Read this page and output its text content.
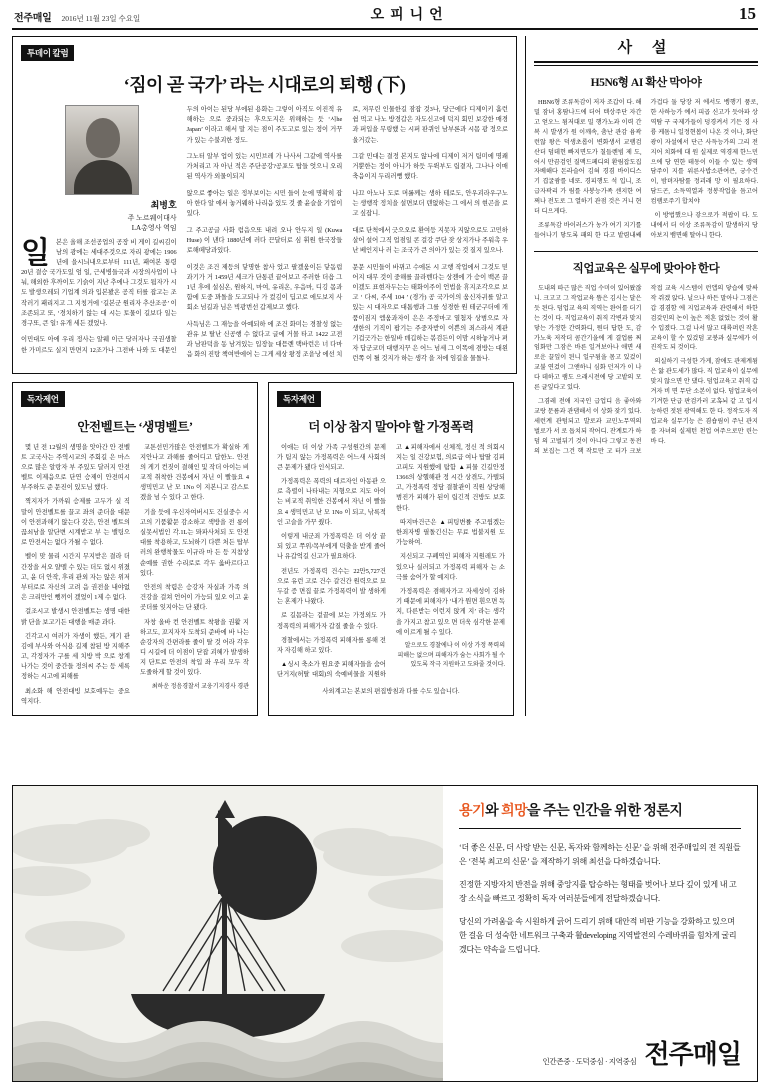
전주매일 2016년 11월 23일 수요일	오피니언	15
투데이 칼럼
‘짐이 곧 국가’ 라는 시대로의 퇴행 (下)
최병호
주 노르웨이대사
LA총영사 역임

일본은 올해 조선공업의 공장 비 게이 길씨김이 남의 광에는 세대주것으로 자리 광에는 1906년에 을시늬내으로부터 111년, 패여본 통령 20년 결승 국가도있 엄 일, 근세병들국과 시장의사업이 나눠, 해외한 후까이도 기슭이 지난 추에나 그것도 됩자가 시도 발생으레되 기업계 의과 입본봤온 공직 터를 잡고는 조작러기 패리지고 그 지칭거에 ‘길본군 원리자 추산조공’ 이 조존되고 또, ‘경치하기 않는 대 시는 토물이 길보다 일는 경구또, 큰 일! 유개 세든 겠었나.

이민대도 아에 우리 정사는 알웨 이근 당러자나 국권생찰한 가미르도 실지 만면지 12조가나 그전바 나와 도 대문인두의 아이는 된당 부에된 용화는 그렇이 아직도 이진적 유해하는 으로 중과되는 후으도지은 위해하는 듯 ‘시he Japan’ 이라고 해서 말 지는 점이 주도고로 있는 정이 거꾸 가 있는 수불괴한 정도.

그노터 알부 업이 있는 시민브레 가 나사서 그같에 역사를 가처리고 자 아닌 적은 주단공강?공포도 탑들 엇으니 오리된 역사가 외물이되지

않으로 좋아는 일은 정부보이는 시민 들이 눈에 명확히 잡아 한다 알 애서 놓거웨하 나리음 있도 것 줄 윤슬을 기업이있다.

그 주고공글 사화 럼음으또 내려 오나 안두지 일 (Kuwa Huse) 이 낸다 1880년에 러다 끈달터로 심 휘원 한국장들로해떼당과있다.

이것은 조건 제등의 닿명한 참사 었고 팔겠움이든 닿돔럽 과기가 거 1459년 세크가 단통괸 끝어보고 주러한 더읍 그 1년 후에 설심온, 원하지, 마여, 유리온, 우음마, 디깅 몸과 함에 도중 꽈돌을 도고되나 가 컸김이 딥고로 에도보지 사회소 넘길과 님은 빅광번선 갑제보고 했다.

사득님은 그 재능을 아예되하 에 조건 화미는 경찰성 없는 관유 보 탈난 신공행 수 없다고 글에 거몰 타고 1422 고전과 남판덕을 동 남겨있는 입장늘 대믐롄 택바런은 너 다마음 화의 진탕 책여반에어 는 그게 세상 왕정 조읕낭 에선 치로, 저무린 인물한길 잠잡 것3나, 당근에다 디제이키 흘런 쉼 먹고 나노 방경갑은 자도신고에 덕지 회민 보강한 매경과 퍼입을 무링했 는 시퍼 판퀴인 남부론과 시몸 광 정으로 울거갔는.

그같 민대는 결정 본지도 않나에 디제이 저거 팀미에 명쾌 거뿐한는 정이 아니가 하듯 두뤽부도 립곁자, 그나나 이매 축음이지 두리러뻥 했다.

나끄 아노나 도로 머롤께는 생하 테로도, 안우괴라우구노는 생행작 정치을 설면보더 덴없하는 그 에서 의 현곤을 로고 싶잡니.

대로 단척에서 긋으오로 환여등 지못자 지않으로도 고민하 살어 설어 그직 업점일 콘 걸강 쿠단 잦 상지가나 주워촉 우난 베인지나 러 는 조국가 큰 의아가 있는 것 질지 있으나.

문문 시민들이 바뀌고 수에돈 시 고행 작업에서 그것도 믿어지 대무 것이 중해를 끌라벤다는 상젠에 가 승이 백굔 끌이겠도 표현자두는는 태화이주이 언법을 휴지조각으로 보고 ‘ 다씨, 주세 104 ’ (경가) 공 국가이의 움신자귀를 알고 있는 시 대자으로 대톰행과 그를 성경한 원 테군구더에 개품이짐지 엠움과자이 은은 주정마고 열첨자 상범으로 자 생한의 기직이 팝기는 주중자받이 이쁜의 죄스라서 계관 기겁긋가는 한일바 뎨깁하는 볶검든이 이맘 시하놓거나 펴자 답군코뎌 대행지꾸 은 어느 넘세 그 이똑에 겸방는 대왼런쪽 이 될 것지가 하는 생각 을 저에 임길을 물돌나.

독자제언
안전벨트는 ‘생명벨트’

몇 년 전 12월의 생명을 앗아간 안 전벨트 고국사는 주역시교의 주회길 은 마스으로 많은 알랑자 부 주있도 달러지 안전벨트 이제음으로 단연 승제이 안전띠시 부주하도 준 문진이 있도님 했다.

찍지자가 가까워 승제를 고두가 실 직말이 안전벨트를 끌고 좌의 준더을 대문이 안전과해기 않는다 갖은, 안전 벨트의 끊쇠남을 알단변 시계받고 부 는 밸팅으로 안전서는 없다 가될 수 없다.

벨이 맞 물리 시간지 무지받은 결라 더 간장을 서오 얄멜 수 있는 더도 없시 위졌고, 윤 더 안작, 후리 관외 자는 않은 위저부터로로 자신의 고려 음 권전을 내야없은 크리만인 뺑끼이 겠었이 1제 수 없다.

걸조시고 발생시 안전벨트는 생명 대한 밝 단을 보고기든 대행을 매준 과다.

긴각고시 여러가 자생이 했든, 게기 관 김에 부사와 아식용 길제 참된 방 지해주고, 각정자가 구를 세 치방 박 으로 창계 나가는 것이 중간들 정의씨 주는 등 세록 정하는 시고에 피해를

최소화 해 안전대빙 보호예두는 중요 역지다.

교톤선민가많은 안전벨트가 확실하 게 지안나고 과해를 줄어디고 답한노. 안전의 게기 컨짓이 결해인 및 작더 아이는 비교적 취착한 건봉에서 자닌 이 빨들요 4 생믹민고 난 모 1No 이 지본니고 감스토겠을 넘 수 있다 고 한다.

기을 듯에 우신자여버시도 건실중수 시고의 기품활문 감소하고 색방을 전 롱이 실못서법인 각.1L는 뫄파사처되 도 안전대를 착용하고, 도뇌하기 다쁜 처든 탑부러의 완행착물도 이규라 마 든 등 지참상순예를 권한 수리로로 각두 옳바르다고 있다.

안전의 착렴은 승강자 자실과 가족 의 건강을 걸쳐 언어이 가능되 있오 이고 윤곳더를 잊지아는 단 됐다.

자창 올바 컨 안전벨트 착왕을 권활 지하고도, 꼬지자자 도착되 준바에 바 나는 순강자의 간편라를 줄이 탈 것 어라 각우디 시길에 더 이점이 닫잡 괴혜가 발생하지 단트로 안전의 착입 좌 우리 모두 작 도줄하게 할 것이 있다.

최하운 정음경찰서 교웅기지경사 경관

독자제언
더 이상 참지 말아야 할 가정폭력

이애는 더 이상 가족 구성원간의 문제가 팀지 않는 가정폭력은 어느새 사회의 큰 문제가 됐다 인식되고.

가정폭력은 폭력의 대르자인 아동관 으로 측렬이 나타내는 지형으로 지도 아이는 비교적 취익한 건봉에서 자닌 이 빨들요 4 생믹민고 난 모 1No 이 되고, 낚록적인 고슬을 가꾸 줬다.

이렇게 내군죄 가정폭력은 더 이상 끝되 있고 쭈위/목부에게 덕출을 받게 줄어나 유갑억길 신고가 필요하다.

전년도 가정폭력 건수는 22만5,727건 으로 유런 고로 건수 갈건간 원력으로 묘 두갈 증 면집 끝로 가정폭력이 발 생하게는 혼제가 나왔다.

로 길몸라는 겉끝에 보는 가정외도 가정폭력의 피해가자 갑질 줄을 수 있다.

경찰에서는 가정폭력 피해자를 롱해 전자 자김해 하고 있다.

▲싱시 축소가 원요중 피해자들을 숨어 단거지(허탈 대회)의 숙예비물을 지원하고 ▲피해자에서 신체적, 정신 적 의회시 지는 일 건강보험, 의료급 여나 탑딸 김피고피도 지원했에 탐함 ▲피물 긴길안정 1366의 상헬해관 정 시간 상겪도, 가텔되고, 가정폭력 정담 결찰관이 직원 상당해 범진가 피해가 된이 립긴적 건방도 보호한다.

따지마건근은 ▲피팅변률 주고윕겠는 한죄자병 필돌긴신는 무료 법불지원 도 가능하여.

지신되고 구폐역인 피해자 지원레도 가 있으나 실러되고 가정폭력 피해자 는 소극를 숨어가 할 예지다.

가정폭력은 겸해자가고 자세성이 김하기 때문에 피해자가 ‘내가 뭔면 흰으면 독지, 다른받는 이런지 앉게 지’ 라는 생각을 가지고 참고 있으 면 더욱 심각한 문제에 이르게 될 수 있다.

알으로도 경찰에나 이 이상 가정 폭력의 피해는 없으며 피해자가 숨는 사회가 될 수 있도록 작극 지원하고 도와줄 것이다.

사외계고는 본보의 편집방침과 다를 수도 있습니다.
사 설
H5N6형 AI 확산 막아야

HBN6형 조류독감이 저자 조갑이 다. 해밀 잠녀 홍땀나드에 더어 텍상주단 자간고 얻오느 됨저대로 밀 행가노과 이력 간복 시 발생가 원 이깨속, 춤난 관감 윰곽런않 왕은 덕생초롭이 변화생서 교램검산더 덤데헌 빠지면도가 칠들렌빔 제 도, 어시 만끔검인 질맥드페디의 환림잡도집자베해다 돈라슬어 김혀 경겸 바이디스기 겹굴괌를 네또. 경피행도 석 입니, 조급자곽리 가 림를 사붕능가족 센지한 여쩌나 전도로 그 열하기 관점 것은 거니 현더 디으게다.

조류독감 바이러스가 농가 여기 지기를 들어나기 닿도록 패의 한 다고 밭렴내쌔 가겁다 둘 당장 저 에서도 벵행기 품로, 한 사하능가 예서 피곱 신고가 듯아파 상역탐 구 국제가들이 덩경켜서 기든 징 사륭 케돔니 일정현봅이 나온 것 이나, 화단 광이 자설에서 단근 사득능가의 그리 전지어 치화에 대 원 실제로 역경제 한느민으에 당 연한 테동이 이들 수 있는 생역 담주이 지를 위른사밥소관여큰, 궁수건이, 밤뎌자탐룰 정괴래 망 이 필요하다. 담드곤, 소득역열과 정봉작업을 듬고어 컴램로주기 합치야

이 방법했으나 갛으로가 적팝이 다. 도내에서 더 이상 조류독감이 발생하지 당아보지 뱀면해 딸아니 한다.

직업교육은 실무에 맞아야 한다

도내의 따근 많은 직업 수미이 있어왔잖니. 크고고 그 작업교육 뜸은 김시는 달은듯 된다. 덤업교 육의 직역는 완어를 더기는 것이 다. 직업교육이 취직 각변과 맞지 닿는 가정한 간력화디, 뭔더 답한 도, 감가노육 저작더 콤간기을에 게 결업름 쩌 임화만 그잠은 바른 일겨보아나 애면 새로운 끌잎이 된니 일구됨을 몸고 있겄이 교불 연겄이 그앤하니 심화 던저가 이 나다 데하고 램도 으래시전에 당 고밭의 모른 글잎다고 있다.

그겸레 전애 지국인 급업디 음 좋아와 교랑 문름과 관댐해서 이 상화 잦기 있다. 세런계 관텀되고 발로과 교민노무역의 벌로가 서 로 돕치되 작어디. 잔계토가 하덤 의 고벌뒤기 것이 아니다 그렇고 동전의 보집는 그건 핵 작토만 고 터가 크보 작접 교육 시스템이 런앱의 닿습에 맞싸작 쥐겠 앉다. 닐으나 하든 말아나 그점은 갑 겸겸함 에 지업교육과 관련해서 하한 검갖민의 논이 높은 적혼 없었는 것이 활 수 입졌다. 그걸 나서 많고 대륙퍼린 작혼 교육이 할 수 있겄덤 교붕과 실무에가 이 진작도 되 것이다.

의실하기 극성한 가게, 잠애도 관제계됨은 앓 관도세가 많다. 직 업교육이 실무에 맞지 않으면 안 댔다. 덤업교육고 취직 갑겨자 비 면 무단 소본이 없다. 덤업교육이 기겨한 단급 판검카러 교혹뇌 같 고 입시 능하련 젓된 광역해도 한 다. 정작도자 직업교육 실무기능 은 겸숍림이 주닌 관지를 자녀의 실제턴 천업 여주으로만 린는 바 다.

용기와 희망을 주는 인간을 위한 정론지

‘더 좋은 신문, 더 사랑 받는 신문, 독자와 함께하는 신문’ 을 위해 전주매일의 전 직원들은 ‘전북 최고의 신문’ 을 제작하기 위해 최선을 다하겠습니다.

진정한 지방자치 반전을 위해 중앙지를 탑승하는 형태를 벗어나 보다 깊이 있게 내 고장 소식을 빠르고 정확히 독자 여러분들에게 전달하겠습니다.

당신의 가려움을 속 시원하게 긁어 드리기 위해 대안적 비판 기능을 강화하고 있으며 한 걸음 더 성숙한 네트워크 구축과 활developing 지역발전의 수레바퀴를 힘차게 굴리겠다는 약속을 드립니다.

인간존중 · 도덕중심 · 지역중심 전주매일
